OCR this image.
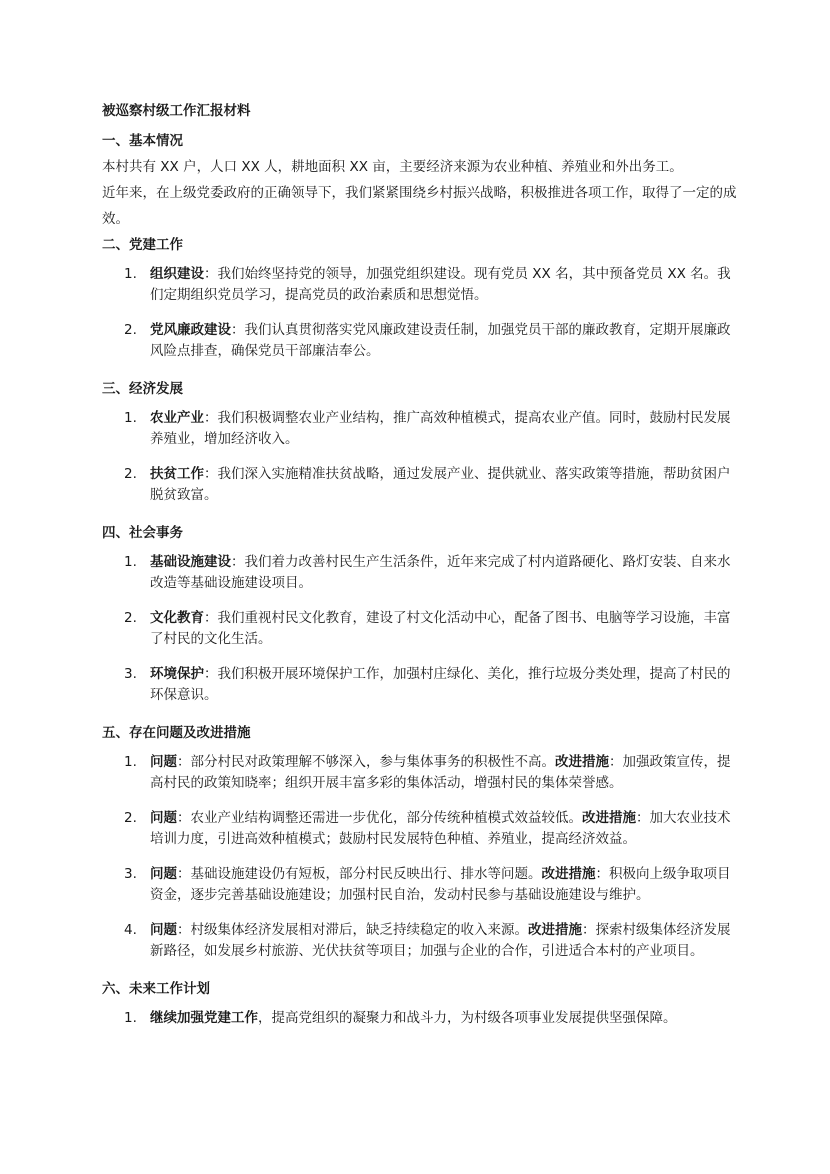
被巡察村级工作汇报材料
一、基本情况

本村共有 XX 户，人口 XX 人，耕地面积 XX 亩，主要经济来源为农业种植、养殖业和外出务工。

近年来，在上级党委政府的正确领导下，我们紧紧围绕乡村振兴战略，积极推进各项工作，取得了一定的成效。

二、党建工作
1. 组织建设：我们始终坚持党的领导，加强党组织建设。现有党员 XX 名，其中预备党员 XX 名。我们定期组织党员学习，提高党员的政治素质和思想觉悟。
2. 党风廉政建设：我们认真贯彻落实党风廉政建设责任制，加强党员干部的廉政教育，定期开展廉政风险点排查，确保党员干部廉洁奉公。
三、经济发展
1. 农业产业：我们积极调整农业产业结构，推广高效种植模式，提高农业产值。同时，鼓励村民发展养殖业，增加经济收入。
2. 扶贫工作：我们深入实施精准扶贫战略，通过发展产业、提供就业、落实政策等措施，帮助贫困户脱贫致富。
四、社会事务
1. 基础设施建设：我们着力改善村民生产生活条件，近年来完成了村内道路硬化、路灯安装、自来水改造等基础设施建设项目。
2. 文化教育：我们重视村民文化教育，建设了村文化活动中心，配备了图书、电脑等学习设施，丰富了村民的文化生活。
3. 环境保护：我们积极开展环境保护工作，加强村庄绿化、美化，推行垃圾分类处理，提高了村民的环保意识。
五、存在问题及改进措施
1. 问题：部分村民对政策理解不够深入，参与集体事务的积极性不高。改进措施：加强政策宣传，提高村民的政策知晓率；组织开展丰富多彩的集体活动，增强村民的集体荣誉感。
2. 问题：农业产业结构调整还需进一步优化，部分传统种植模式效益较低。改进措施：加大农业技术培训力度，引进高效种植模式；鼓励村民发展特色种植、养殖业，提高经济效益。
3. 问题：基础设施建设仍有短板，部分村民反映出行、排水等问题。改进措施：积极向上级争取项目资金，逐步完善基础设施建设；加强村民自治，发动村民参与基础设施建设与维护。
4. 问题：村级集体经济发展相对滞后，缺乏持续稳定的收入来源。改进措施：探索村级集体经济发展新路径，如发展乡村旅游、光伏扶贫等项目；加强与企业的合作，引进适合本村的产业项目。
六、未来工作计划
1. 继续加强党建工作，提高党组织的凝聚力和战斗力，为村级各项事业发展提供坚强保障。
